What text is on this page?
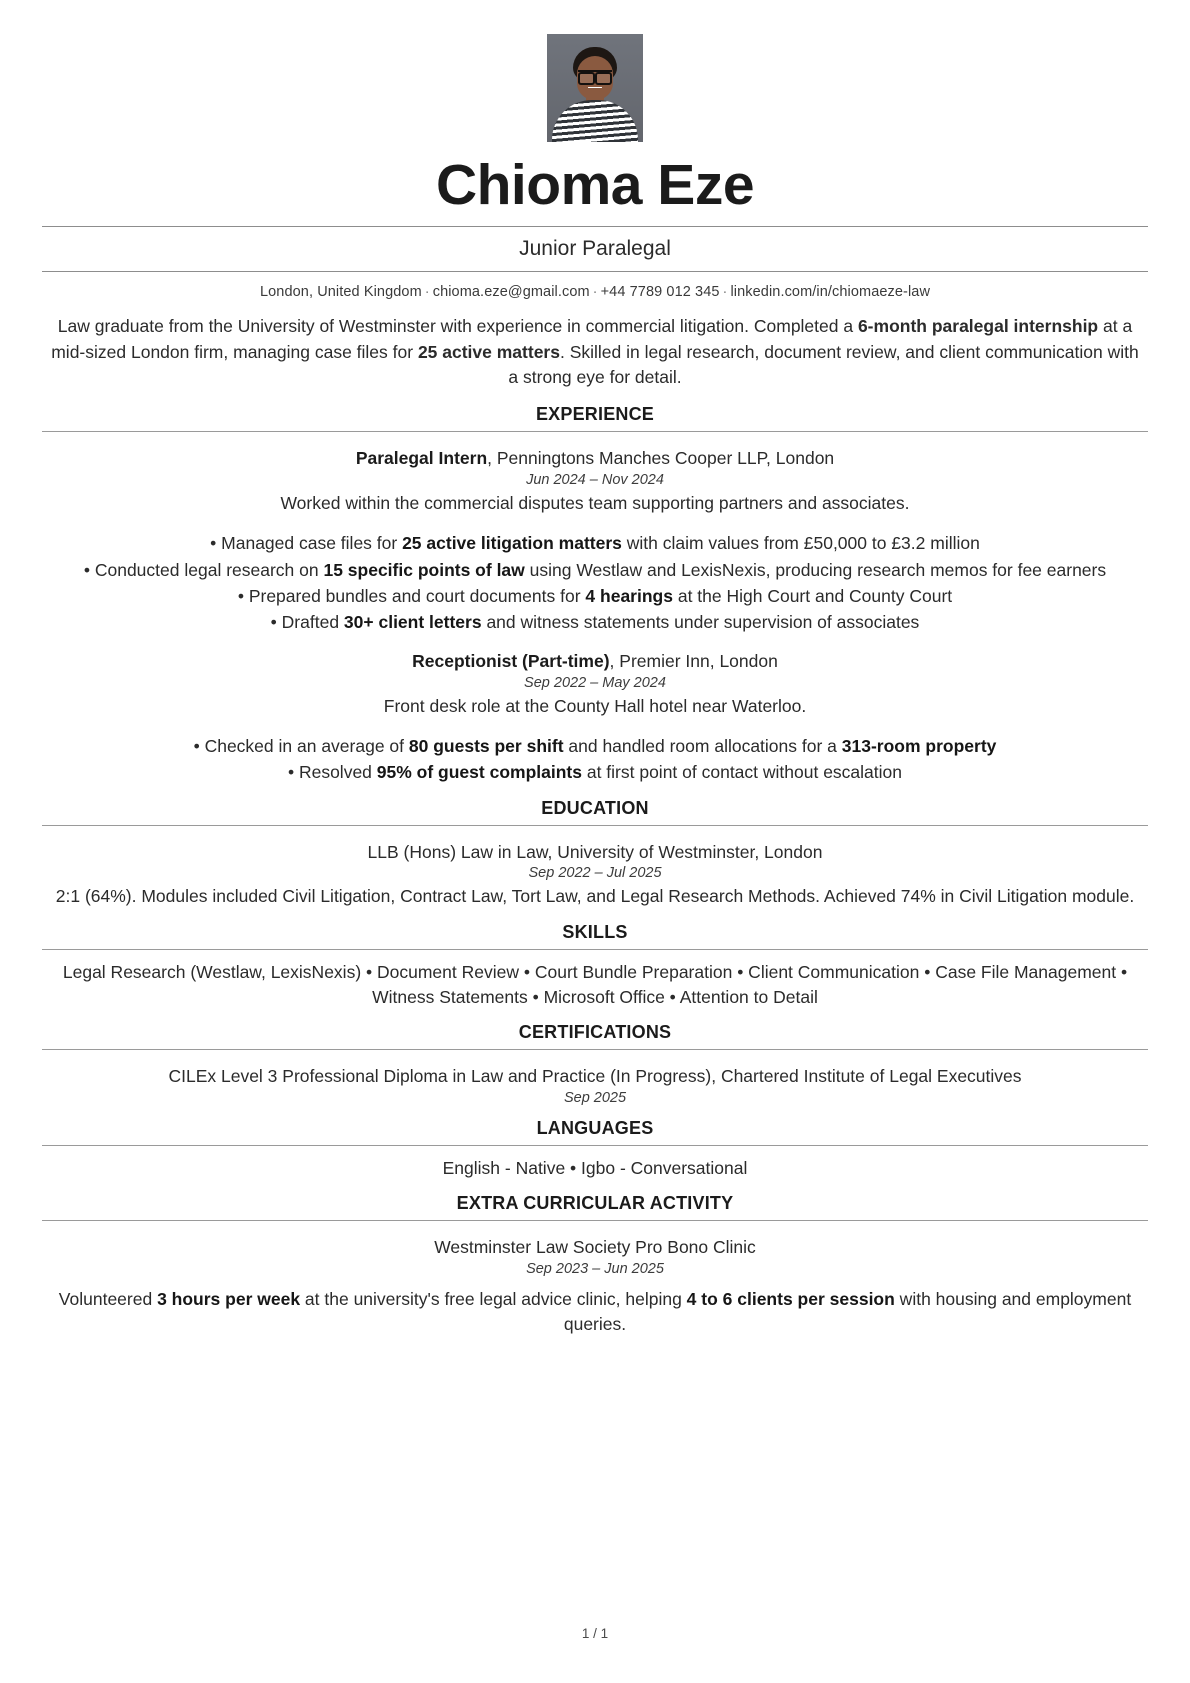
Chioma Eze
Junior Paralegal
London, United Kingdom · chioma.eze@gmail.com · +44 7789 012 345 · linkedin.com/in/chiomaeze-law
Law graduate from the University of Westminster with experience in commercial litigation. Completed a 6-month paralegal internship at a mid-sized London firm, managing case files for 25 active matters. Skilled in legal research, document review, and client communication with a strong eye for detail.
EXPERIENCE
Paralegal Intern, Penningtons Manches Cooper LLP, London
Jun 2024 – Nov 2024
Worked within the commercial disputes team supporting partners and associates.
• Managed case files for 25 active litigation matters with claim values from £50,000 to £3.2 million
• Conducted legal research on 15 specific points of law using Westlaw and LexisNexis, producing research memos for fee earners
• Prepared bundles and court documents for 4 hearings at the High Court and County Court
• Drafted 30+ client letters and witness statements under supervision of associates
Receptionist (Part-time), Premier Inn, London
Sep 2022 – May 2024
Front desk role at the County Hall hotel near Waterloo.
• Checked in an average of 80 guests per shift and handled room allocations for a 313-room property
• Resolved 95% of guest complaints at first point of contact without escalation
EDUCATION
LLB (Hons) Law in Law, University of Westminster, London
Sep 2022 – Jul 2025
2:1 (64%). Modules included Civil Litigation, Contract Law, Tort Law, and Legal Research Methods. Achieved 74% in Civil Litigation module.
SKILLS
Legal Research (Westlaw, LexisNexis) • Document Review • Court Bundle Preparation • Client Communication • Case File Management • Witness Statements • Microsoft Office • Attention to Detail
CERTIFICATIONS
CILEx Level 3 Professional Diploma in Law and Practice (In Progress), Chartered Institute of Legal Executives
Sep 2025
LANGUAGES
English - Native • Igbo - Conversational
EXTRA CURRICULAR ACTIVITY
Westminster Law Society Pro Bono Clinic
Sep 2023 – Jun 2025
Volunteered 3 hours per week at the university's free legal advice clinic, helping 4 to 6 clients per session with housing and employment queries.
1 / 1
